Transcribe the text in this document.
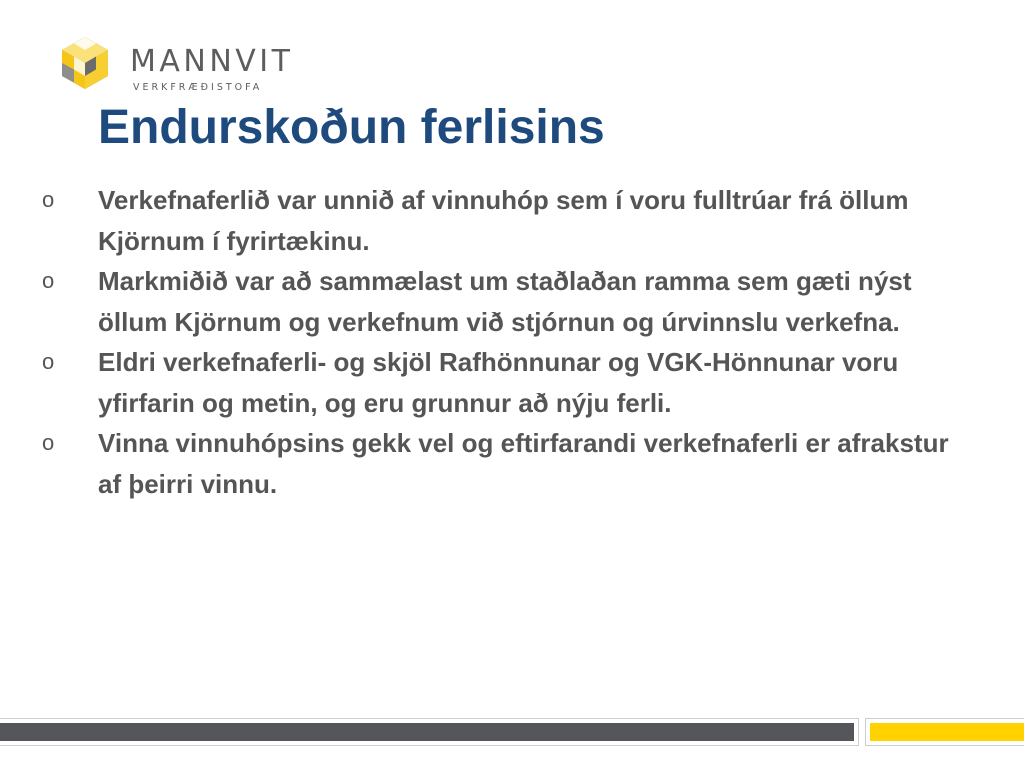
MANNVIT
VERKFRÆÐISTOFA
Endurskoðun ferlisins
o Verkefnaferlið var unnið af vinnuhóp sem í voru fulltrúar frá öllum Kjörnum í fyrirtækinu.
o Markmiðið var að sammælast um staðlaðan ramma sem gæti nýst öllum Kjörnum og verkefnum við stjórnun og úrvinnslu verkefna.
o Eldri verkefnaferli- og skjöl Rafhönnunar og VGK-Hönnunar voru yfirfarin og metin, og eru grunnur að nýju ferli.
o Vinna vinnuhópsins gekk vel og eftirfarandi verkefnaferli er afrakstur af þeirri vinnu.
